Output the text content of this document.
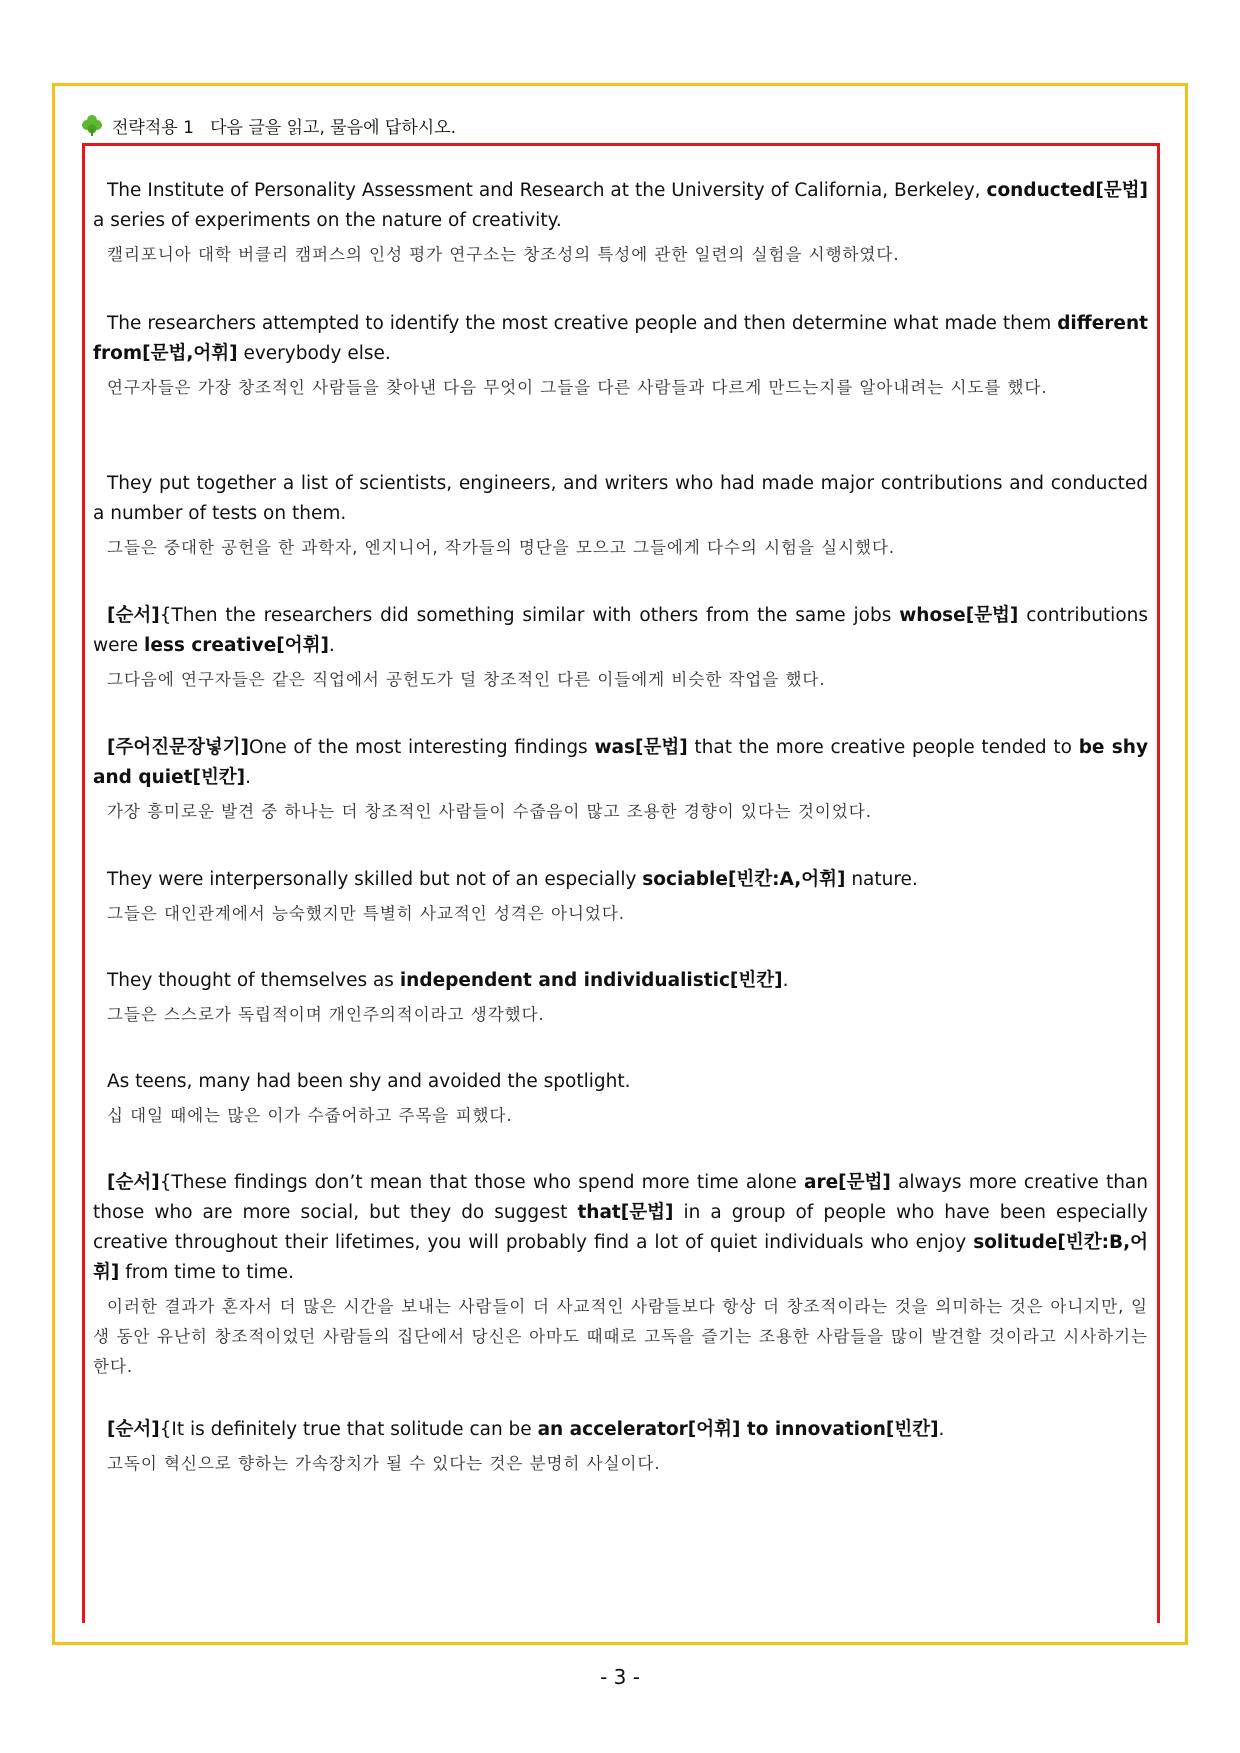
전략적용 1   다음 글을 읽고, 물음에 답하시오.

The Institute of Personality Assessment and Research at the University of California, Berkeley, conducted[문법] a series of experiments on the nature of creativity.

캘리포니아 대학 버클리 캠퍼스의 인성 평가 연구소는 창조성의 특성에 관한 일련의 실험을 시행하였다.

The researchers attempted to identify the most creative people and then determine what made them different from[문법,어휘] everybody else.

연구자들은 가장 창조적인 사람들을 찾아낸 다음 무엇이 그들을 다른 사람들과 다르게 만드는지를 알아내려는 시도를 했다.

They put together a list of scientists, engineers, and writers who had made major contributions and conducted a number of tests on them.

그들은 중대한 공헌을 한 과학자, 엔지니어, 작가들의 명단을 모으고 그들에게 다수의 시험을 실시했다.

[순서]{Then the researchers did something similar with others from the same jobs whose[문법] contributions were less creative[어휘].

그다음에 연구자들은 같은 직업에서 공헌도가 덜 창조적인 다른 이들에게 비슷한 작업을 했다.

[주어진문장넣기]One of the most interesting findings was[문법] that the more creative people tended to be shy and quiet[빈칸].

가장 흥미로운 발견 중 하나는 더 창조적인 사람들이 수줍음이 많고 조용한 경향이 있다는 것이었다.

They were interpersonally skilled but not of an especially sociable[빈칸:A,어휘] nature.

그들은 대인관계에서 능숙했지만 특별히 사교적인 성격은 아니었다.

They thought of themselves as independent and individualistic[빈칸].

그들은 스스로가 독립적이며 개인주의적이라고 생각했다.

As teens, many had been shy and avoided the spotlight.

십 대일 때에는 많은 이가 수줍어하고 주목을 피했다.

[순서]{These findings don’t mean that those who spend more time alone are[문법] always more creative than those who are more social, but they do suggest that[문법] in a group of people who have been especially creative throughout their lifetimes, you will probably find a lot of quiet individuals who enjoy solitude[빈칸:B,어휘] from time to time.

이러한 결과가 혼자서 더 많은 시간을 보내는 사람들이 더 사교적인 사람들보다 항상 더 창조적이라는 것을 의미하는 것은 아니지만, 일생 동안 유난히 창조적이었던 사람들의 집단에서 당신은 아마도 때때로 고독을 즐기는 조용한 사람들을 많이 발견할 것이라고 시사하기는 한다.

[순서]{It is definitely true that solitude can be an accelerator[어휘] to innovation[빈칸].

고독이 혁신으로 향하는 가속장치가 될 수 있다는 것은 분명히 사실이다.

- 3 -
